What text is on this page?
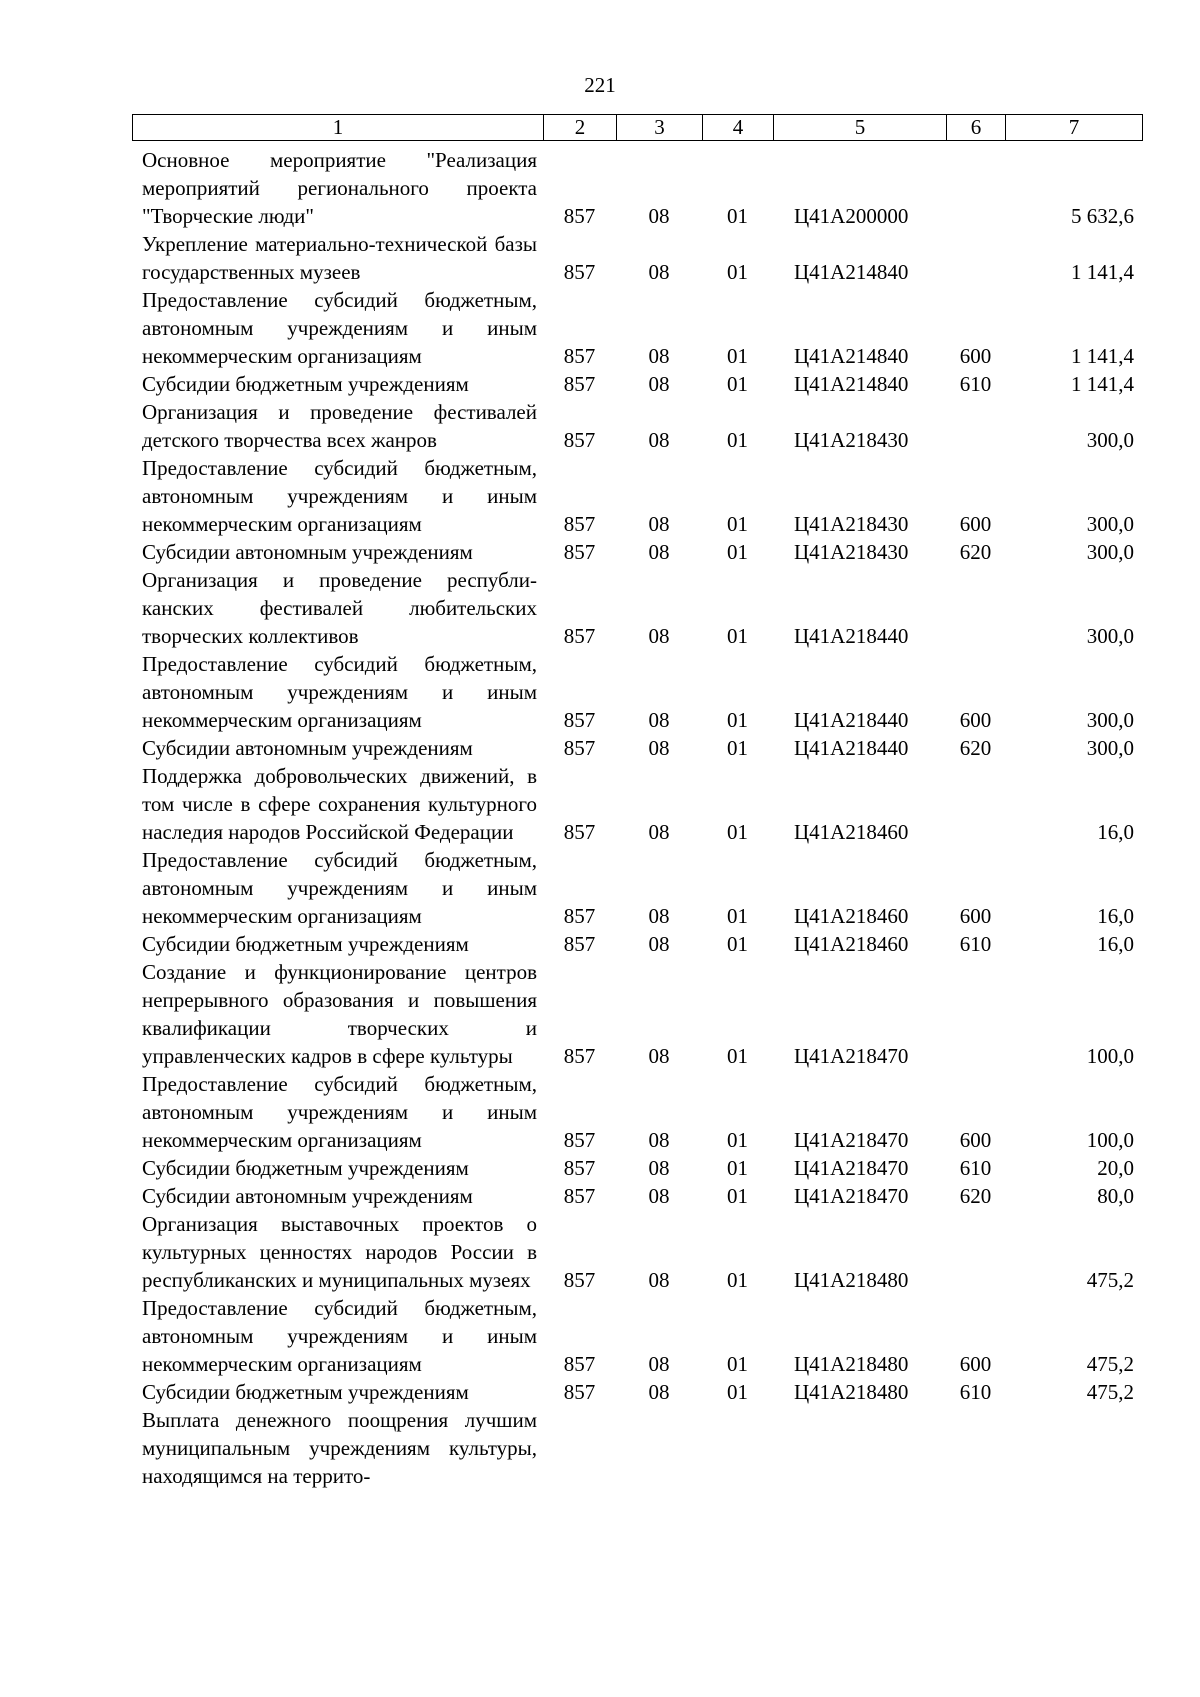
221
1	2	3	4	5	6	7
Основное мероприятие "Реализация мероприятий регионального проекта "Творческие люди"	857	08	01	Ц41A200000		5 632,6
Укрепление материально-технической базы государственных музеев	857	08	01	Ц41A214840		1 141,4
Предоставление субсидий бюджетным, автономным учреждениям и иным некоммерческим организациям	857	08	01	Ц41A214840	600	1 141,4
Субсидии бюджетным учреждениям	857	08	01	Ц41A214840	610	1 141,4
Организация и проведение фестивалей детского творчества всех жанров	857	08	01	Ц41A218430		300,0
Предоставление субсидий бюджетным, автономным учреждениям и иным некоммерческим организациям	857	08	01	Ц41A218430	600	300,0
Субсидии автономным учреждениям	857	08	01	Ц41A218430	620	300,0
Организация и проведение республиканских фестивалей любительских творческих коллективов	857	08	01	Ц41A218440		300,0
Предоставление субсидий бюджетным, автономным учреждениям и иным некоммерческим организациям	857	08	01	Ц41A218440	600	300,0
Субсидии автономным учреждениям	857	08	01	Ц41A218440	620	300,0
Поддержка добровольческих движений, в том числе в сфере сохранения культурного наследия народов Российской Федерации	857	08	01	Ц41A218460		16,0
Предоставление субсидий бюджетным, автономным учреждениям и иным некоммерческим организациям	857	08	01	Ц41A218460	600	16,0
Субсидии бюджетным учреждениям	857	08	01	Ц41A218460	610	16,0
Создание и функционирование центров непрерывного образования и повышения квалификации творческих и управленческих кадров в сфере культуры	857	08	01	Ц41A218470		100,0
Предоставление субсидий бюджетным, автономным учреждениям и иным некоммерческим организациям	857	08	01	Ц41A218470	600	100,0
Субсидии бюджетным учреждениям	857	08	01	Ц41A218470	610	20,0
Субсидии автономным учреждениям	857	08	01	Ц41A218470	620	80,0
Организация выставочных проектов о культурных ценностях народов России в республиканских и муниципальных музеях	857	08	01	Ц41A218480		475,2
Предоставление субсидий бюджетным, автономным учреждениям и иным некоммерческим организациям	857	08	01	Ц41A218480	600	475,2
Субсидии бюджетным учреждениям	857	08	01	Ц41A218480	610	475,2
Выплата денежного поощрения лучшим муниципальным учреждениям культуры, находящимся на террито-						
